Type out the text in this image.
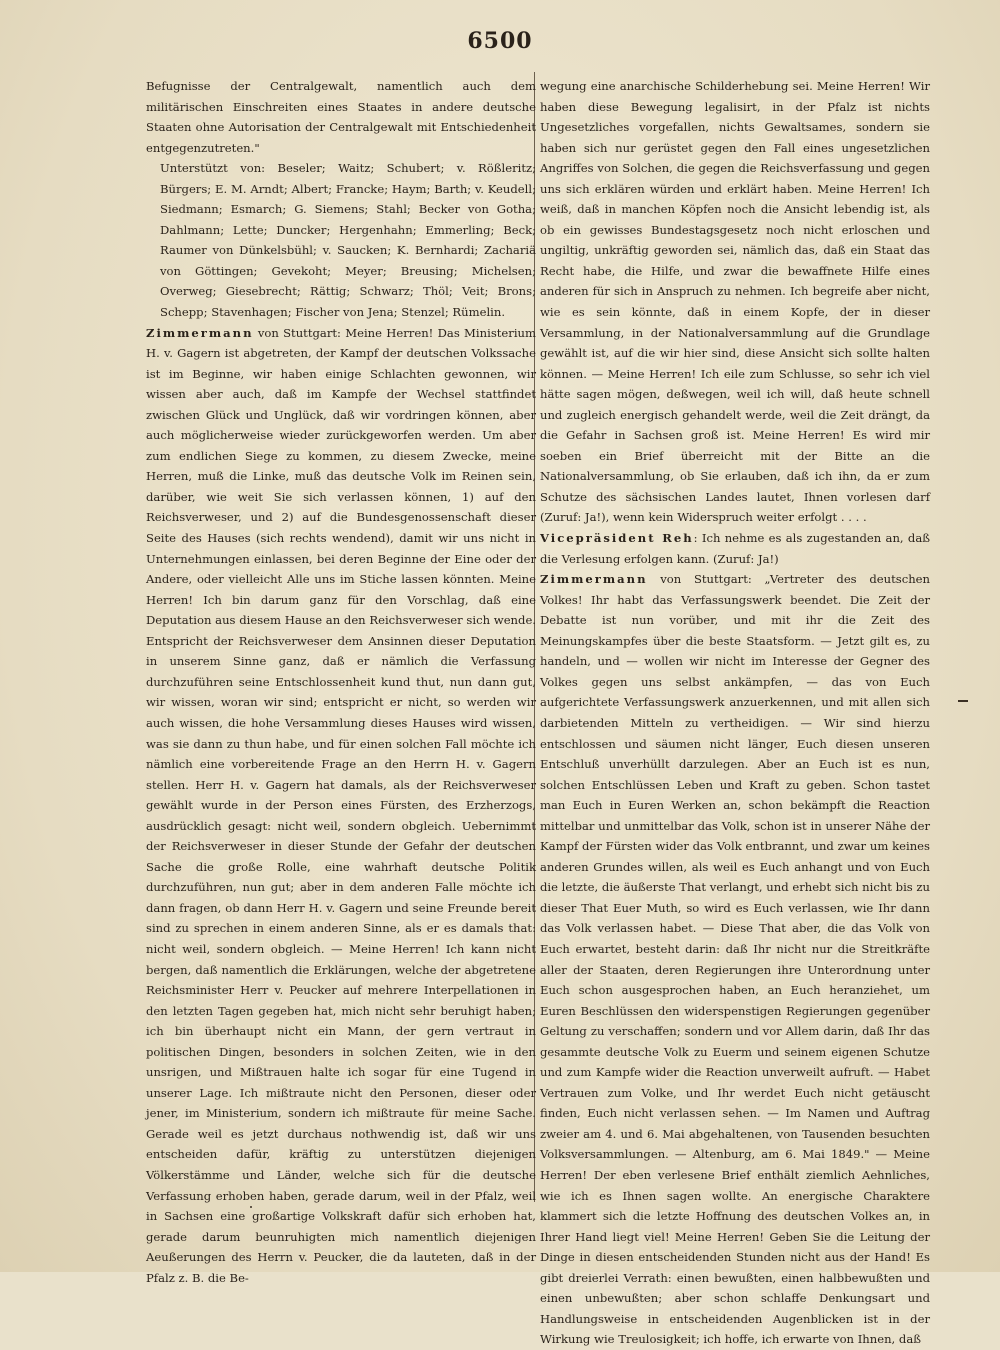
6500

Befugnisse der Centralgewalt, namentlich auch dem militärischen Einschreiten eines Staates in andere deutsche Staaten ohne Autorisation der Centralgewalt mit Entschiedenheit entgegenzutreten."

Unterstützt von: Beseler; Waitz; Schubert; v. Rößleritz; Bürgers; E. M. Arndt; Albert; Francke; Haym; Barth; v. Keudell; Siedmann; Esmarch; G. Siemens; Stahl; Becker von Gotha; Dahlmann; Lette; Duncker; Hergenhahn; Emmerling; Beck; Raumer von Dünkelsbühl; v. Saucken; K. Bernhardi; Zachariä von Göttingen; Gevekoht; Meyer; Breusing; Michelsen; Overweg; Giesebrecht; Rättig; Schwarz; Thöl; Veit; Brons; Schepp; Stavenhagen; Fischer von Jena; Stenzel; Rümelin.

Zimmermann von Stuttgart: Meine Herren! Das Ministerium H. v. Gagern ist abgetreten, der Kampf der deutschen Volkssache ist im Beginne, wir haben einige Schlachten gewonnen, wir wissen aber auch, daß im Kampfe der Wechsel stattfindet zwischen Glück und Unglück, daß wir vordringen können, aber auch möglicherweise wieder zurückgeworfen werden. Um aber zum endlichen Siege zu kommen, zu diesem Zwecke, meine Herren, muß die Linke, muß das deutsche Volk im Reinen sein, darüber, wie weit Sie sich verlassen können, 1) auf den Reichsverweser, und 2) auf die Bundesgenossenschaft dieser Seite des Hauses (sich rechts wendend), damit wir uns nicht in Unternehmungen einlassen, bei deren Beginne der Eine oder der Andere, oder vielleicht Alle uns im Stiche lassen könnten. Meine Herren! Ich bin darum ganz für den Vorschlag, daß eine Deputation aus diesem Hause an den Reichsverweser sich wende. Entspricht der Reichsverweser dem Ansinnen dieser Deputation in unserem Sinne ganz, daß er nämlich die Verfassung durchzuführen seine Entschlossenheit kund thut, nun dann gut, wir wissen, woran wir sind; entspricht er nicht, so werden wir auch wissen, die hohe Versammlung dieses Hauses wird wissen, was sie dann zu thun habe, und für einen solchen Fall möchte ich nämlich eine vorbereitende Frage an den Herrn H. v. Gagern stellen. Herr H. v. Gagern hat damals, als der Reichsverweser gewählt wurde in der Person eines Fürsten, des Erzherzogs, ausdrücklich gesagt: nicht weil, sondern obgleich. Uebernimmt der Reichsverweser in dieser Stunde der Gefahr der deutschen Sache die große Rolle, eine wahrhaft deutsche Politik durchzuführen, nun gut; aber in dem anderen Falle möchte ich dann fragen, ob dann Herr H. v. Gagern und seine Freunde bereit sind zu sprechen in einem anderen Sinne, als er es damals that: nicht weil, sondern obgleich. — Meine Herren! Ich kann nicht bergen, daß namentlich die Erklärungen, welche der abgetretene Reichsminister Herr v. Peucker auf mehrere Interpellationen in den letzten Tagen gegeben hat, mich nicht sehr beruhigt haben; ich bin überhaupt nicht ein Mann, der gern vertraut in politischen Dingen, besonders in solchen Zeiten, wie in den unsrigen, und Mißtrauen halte ich sogar für eine Tugend in unserer Lage. Ich mißtraute nicht den Personen, dieser oder jener, im Ministerium, sondern ich mißtraute für meine Sache. Gerade weil es jetzt durchaus nothwendig ist, daß wir uns entscheiden dafür, kräftig zu unterstützen diejenigen Völkerstämme und Länder, welche sich für die deutsche Verfassung erhoben haben, gerade darum, weil in der Pfalz, weil in Sachsen eine großartige Volkskraft dafür sich erhoben hat, gerade darum beunruhigten mich namentlich diejenigen Aeußerungen des Herrn v. Peucker, die da lauteten, daß in der Pfalz z. B. die Be-

wegung eine anarchische Schilderhebung sei. Meine Herren! Wir haben diese Bewegung legalisirt, in der Pfalz ist nichts Ungesetzliches vorgefallen, nichts Gewaltsames, sondern sie haben sich nur gerüstet gegen den Fall eines ungesetzlichen Angriffes von Solchen, die gegen die Reichsverfassung und gegen uns sich erklären würden und erklärt haben. Meine Herren! Ich weiß, daß in manchen Köpfen noch die Ansicht lebendig ist, als ob ein gewisses Bundestagsgesetz noch nicht erloschen und ungiltig, unkräftig geworden sei, nämlich das, daß ein Staat das Recht habe, die Hilfe, und zwar die bewaffnete Hilfe eines anderen für sich in Anspruch zu nehmen. Ich begreife aber nicht, wie es sein könnte, daß in einem Kopfe, der in dieser Versammlung, in der Nationalversammlung auf die Grundlage gewählt ist, auf die wir hier sind, diese Ansicht sich sollte halten können. — Meine Herren! Ich eile zum Schlusse, so sehr ich viel hätte sagen mögen, deßwegen, weil ich will, daß heute schnell und zugleich energisch gehandelt werde, weil die Zeit drängt, da die Gefahr in Sachsen groß ist. Meine Herren! Es wird mir soeben ein Brief überreicht mit der Bitte an die Nationalversammlung, ob Sie erlauben, daß ich ihn, da er zum Schutze des sächsischen Landes lautet, Ihnen vorlesen darf (Zuruf: Ja!), wenn kein Widerspruch weiter erfolgt . . . .

Vicepräsident Reh: Ich nehme es als zugestanden an, daß die Verlesung erfolgen kann. (Zuruf: Ja!)

Zimmermann von Stuttgart: „Vertreter des deutschen Volkes! Ihr habt das Verfassungswerk beendet. Die Zeit der Debatte ist nun vorüber, und mit ihr die Zeit des Meinungskampfes über die beste Staatsform. — Jetzt gilt es, zu handeln, und — wollen wir nicht im Interesse der Gegner des Volkes gegen uns selbst ankämpfen, — das von Euch aufgerichtete Verfassungswerk anzuerkennen, und mit allen sich darbietenden Mitteln zu vertheidigen. — Wir sind hierzu entschlossen und säumen nicht länger, Euch diesen unseren Entschluß unverhüllt darzulegen. Aber an Euch ist es nun, solchen Entschlüssen Leben und Kraft zu geben. Schon tastet man Euch in Euren Werken an, schon bekämpft die Reaction mittelbar und unmittelbar das Volk, schon ist in unserer Nähe der Kampf der Fürsten wider das Volk entbrannt, und zwar um keines anderen Grundes willen, als weil es Euch anhangt und von Euch die letzte, die äußerste That verlangt, und erhebt sich nicht bis zu dieser That Euer Muth, so wird es Euch verlassen, wie Ihr dann das Volk verlassen habet. — Diese That aber, die das Volk von Euch erwartet, besteht darin: daß Ihr nicht nur die Streitkräfte aller der Staaten, deren Regierungen ihre Unterordnung unter Euch schon ausgesprochen haben, an Euch heranziehet, um Euren Beschlüssen den widerspenstigen Regierungen gegenüber Geltung zu verschaffen; sondern und vor Allem darin, daß Ihr das gesammte deutsche Volk zu Euerm und seinem eigenen Schutze und zum Kampfe wider die Reaction unverweilt aufruft. — Habet Vertrauen zum Volke, und Ihr werdet Euch nicht getäuscht finden, Euch nicht verlassen sehen. — Im Namen und Auftrag zweier am 4. und 6. Mai abgehaltenen, von Tausenden besuchten Volksversammlungen. — Altenburg, am 6. Mai 1849." — Meine Herren! Der eben verlesene Brief enthält ziemlich Aehnliches, wie ich es Ihnen sagen wollte. An energische Charaktere klammert sich die letzte Hoffnung des deutschen Volkes an, in Ihrer Hand liegt viel! Meine Herren! Geben Sie die Leitung der Dinge in diesen entscheidenden Stunden nicht aus der Hand! Es gibt dreierlei Verrath: einen bewußten, einen halbbewußten und einen unbewußten; aber schon schlaffe Denkungsart und Handlungsweise in entscheidenden Augenblicken ist in der Wirkung wie Treulosigkeit; ich hoffe, ich erwarte von Ihnen, daß
